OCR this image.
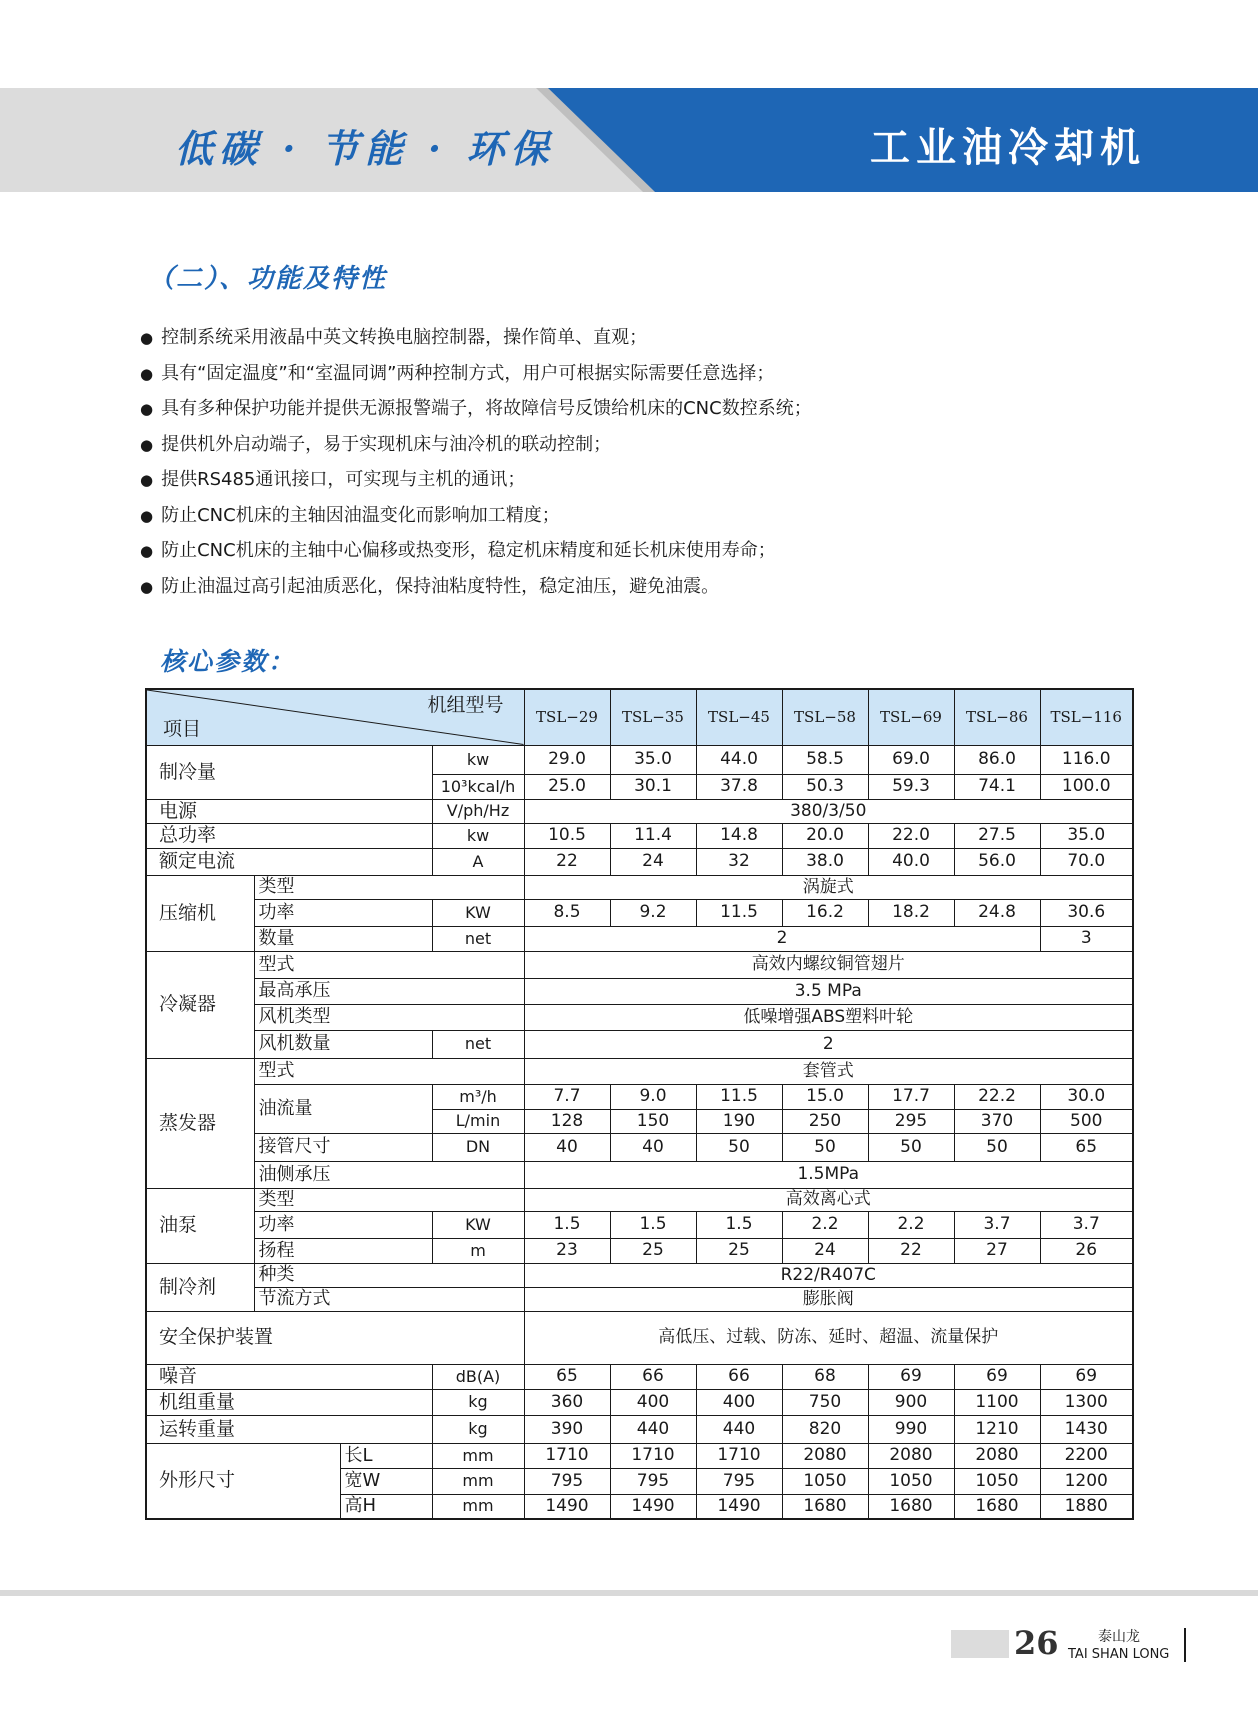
低碳 · 节能 · 环保	工业油冷却机
（二）、功能及特性
● 控制系统采用液晶中英文转换电脑控制器，操作简单、直观；
● 具有“固定温度”和“室温同调”两种控制方式，用户可根据实际需要任意选择；
● 具有多种保护功能并提供无源报警端子，将故障信号反馈给机床的CNC数控系统；
● 提供机外启动端子，易于实现机床与油冷机的联动控制；
● 提供RS485通讯接口，可实现与主机的通讯；
● 防止CNC机床的主轴因油温变化而影响加工精度；
● 防止CNC机床的主轴中心偏移或热变形，稳定机床精度和延长机床使用寿命；
● 防止油温过高引起油质恶化，保持油粘度特性，稳定油压，避免油震。
核心参数：
机组型号
项目				TSL−29	TSL−35	TSL−45	TSL−58	TSL−69	TSL−86	TSL−116
制冷量			kw	29.0	35.0	44.0	58.5	69.0	86.0	116.0
			10³kcal/h	25.0	30.1	37.8	50.3	59.3	74.1	100.0
电源			V/ph/Hz	380/3/50						
总功率			kw	10.5	11.4	14.8	20.0	22.0	27.5	35.0
额定电流			A	22	24	32	38.0	40.0	56.0	70.0
压缩机	类型			涡旋式						
	功率		KW	8.5	9.2	11.5	16.2	18.2	24.8	30.6
	数量		net	2						3
冷凝器	型式			高效内螺纹铜管翅片						
	最高承压			3.5 MPa						
	风机类型			低噪增强ABS塑料叶轮						
	风机数量		net	2						
蒸发器	型式			套管式						
	油流量		m³/h	7.7	9.0	11.5	15.0	17.7	22.2	30.0
			L/min	128	150	190	250	295	370	500
	接管尺寸		DN	40	40	50	50	50	50	65
	油侧承压			1.5MPa						
油泵	类型			高效离心式						
	功率		KW	1.5	1.5	1.5	2.2	2.2	3.7	3.7
	扬程		m	23	25	25	24	22	27	26
制冷剂	种类			R22/R407C						
	节流方式			膨胀阀						
安全保护装置				高低压、过载、防冻、延时、超温、流量保护						
噪音			dB(A)	65	66	66	68	69	69	69
机组重量			kg	360	400	400	750	900	1100	1300
运转重量			kg	390	440	440	820	990	1210	1430
外形尺寸		长L	mm	1710	1710	1710	2080	2080	2080	2200
		宽W	mm	795	795	795	1050	1050	1050	1200
		高H	mm	1490	1490	1490	1680	1680	1680	1880
26	泰山龙
TAI SHAN LONG
